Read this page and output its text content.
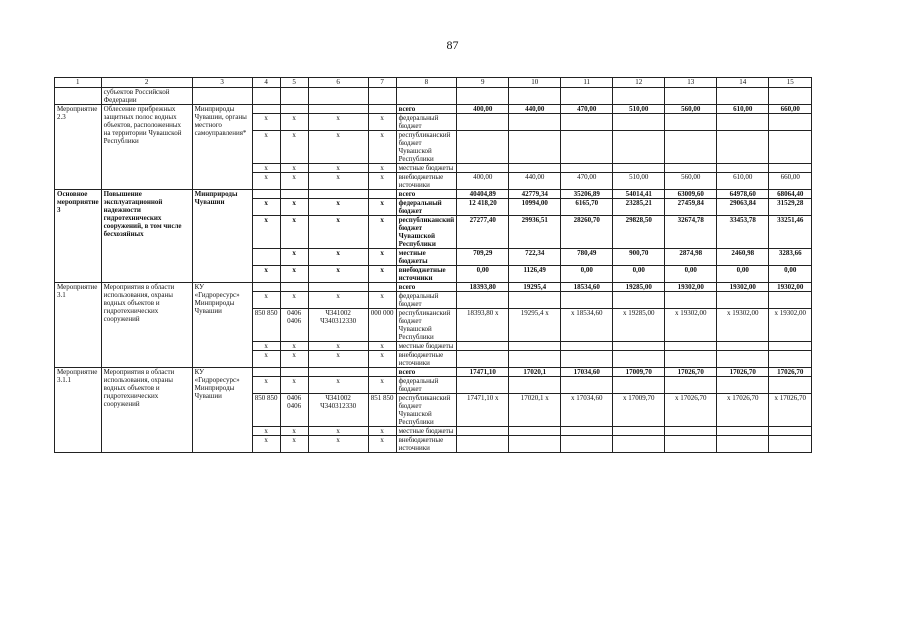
87
1	2	3	4	5	6	7	8	9	10	11	12	13	14	15
	субъектов Российской Федерации													
Мероприятие 2.3	Облесение прибрежных защитных полос водных объектов, расположенных на территории Чувашской Республики	Минприроды Чувашии, органы местного самоуправления*					всего	400,00	440,00	470,00	510,00	560,00	610,00	660,00
			x	x	x	x	федеральный бюджет							
			x	x	x	x	республиканский бюджет Чувашской Республики							
			x	x	x	x	местные бюджеты							
			x	x	x	x	внебюджетные источники	400,00	440,00	470,00	510,00	560,00	610,00	660,00
Основное мероприятие 3	Повышение эксплуатационной надежности гидротехнических сооружений, в том числе бесхозяйных	Минприроды Чувашии					всего	40404,89	42779,34	35206,89	54014,41	63009,60	64978,60	68064,40
			x	x	x	x	федеральный бюджет	12 418,20	10994,00	6165,70	23285,21	27459,84	29063,84	31529,28
			x	x	x	x	республиканский бюджет Чувашской Республики	27277,40	29936,51	28260,70	29828,50	32674,78	33453,78	33251,46
				x	x	x	местные бюджеты	709,29	722,34	780,49	900,70	2874,98	2460,98	3283,66
			x	x	x	x	внебюджетные источники	0,00	1126,49	0,00	0,00	0,00	0,00	0,00
Мероприятие 3.1	Мероприятия в области использования, охраны водных объектов и гидротехнических сооружений	КУ «Гидроресурс» Минприроды Чувашии					всего	18393,80	19295,4	18534,60	19285,00	19302,00	19302,00	19302,00
			x	x	x	x	федеральный бюджет							
			850 850	0406 0406	Ч341002 Ч340312330	000 000	республиканский бюджет Чувашской Республики	18393,80 x	19295,4 x	x 18534,60	x 19285,00	x 19302,00	x 19302,00	x 19302,00
			x	x	x	x	местные бюджеты							
			x	x	x	x	внебюджетные источники							
Мероприятие 3.1.1	Мероприятия в области использования, охраны водных объектов и гидротехнических сооружений	КУ «Гидроресурс» Минприроды Чувашии					всего	17471,10	17020,1	17034,60	17009,70	17026,70	17026,70	17026,70
			x	x	x	x	федеральный бюджет							
			850 850	0406 0406	Ч341002 Ч340312330	851 850	республиканский бюджет Чувашской Республики	17471,10 x	17020,1 x	x 17034,60	x 17009,70	x 17026,70	x 17026,70	x 17026,70
			x	x	x	x	местные бюджеты							
			x	x	x	x	внебюджетные источники							
